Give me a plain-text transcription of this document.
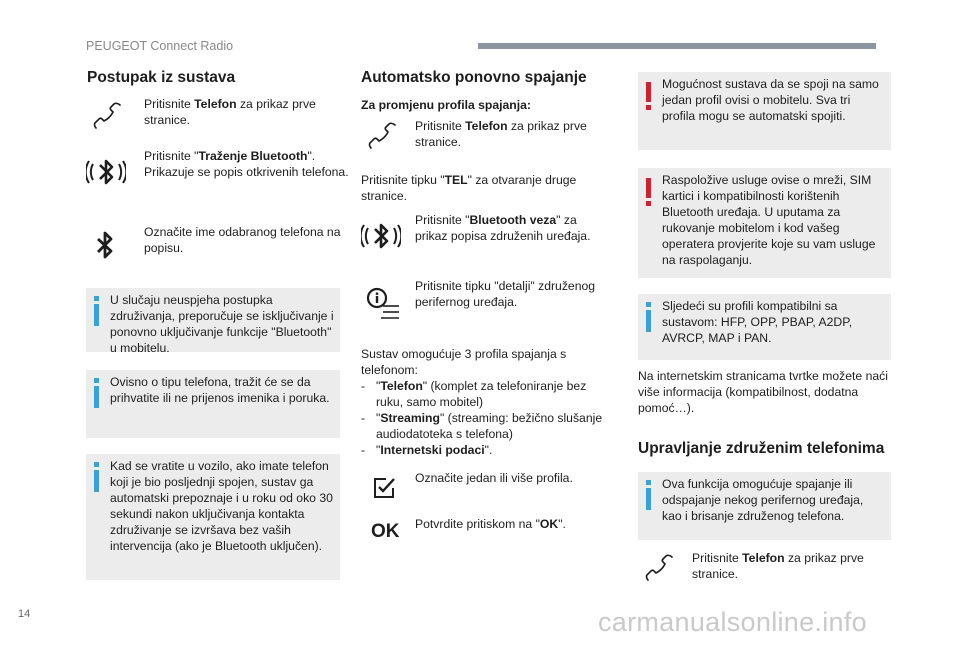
PEUGEOT Connect Radio
Postupak iz sustava
Pritisnite Telefon za prikaz prve stranice.
Pritisnite "Traženje Bluetooth". Prikazuje se popis otkrivenih telefona.
Označite ime odabranog telefona na popisu.
U slučaju neuspjeha postupka združivanja, preporučuje se isključivanje i ponovno uključivanje funkcije "Bluetooth" u mobitelu.
Ovisno o tipu telefona, tražit će se da prihvatite ili ne prijenos imenika i poruka.
Kad se vratite u vozilo, ako imate telefon koji je bio posljednji spojen, sustav ga automatski prepoznaje i u roku od oko 30 sekundi nakon uključivanja kontakta združivanje se izvršava bez vaših intervencija (ako je Bluetooth uključen).
Automatsko ponovno spajanje
Za promjenu profila spajanja:
Pritisnite Telefon za prikaz prve stranice.
Pritisnite tipku "TEL" za otvaranje druge stranice.
Pritisnite "Bluetooth veza" za prikaz popisa združenih uređaja.
Pritisnite tipku "detalji" združenog perifernog uređaja.
Sustav omogućuje 3 profila spajanja s telefonom:
- "Telefon" (komplet za telefoniranje bez ruku, samo mobitel)
- "Streaming" (streaming: bežično slušanje audiodatoteka s telefona)
- "Internetski podaci".
Označite jedan ili više profila.
OK	Potvrdite pritiskom na "OK".
Mogućnost sustava da se spoji na samo jedan profil ovisi o mobitelu. Sva tri profila mogu se automatski spojiti.
Raspoložive usluge ovise o mreži, SIM kartici i kompatibilnosti korištenih Bluetooth uređaja. U uputama za rukovanje mobitelom i kod vašeg operatera provjerite koje su vam usluge na raspolaganju.
Sljedeći su profili kompatibilni sa sustavom: HFP, OPP, PBAP, A2DP, AVRCP, MAP i PAN.
Na internetskim stranicama tvrtke možete naći više informacija (kompatibilnost, dodatna pomoć…).
Upravljanje združenim telefonima
Ova funkcija omogućuje spajanje ili odspajanje nekog perifernog uređaja, kao i brisanje združenog telefona.
Pritisnite Telefon za prikaz prve stranice.
14	carmanualsonline.info
